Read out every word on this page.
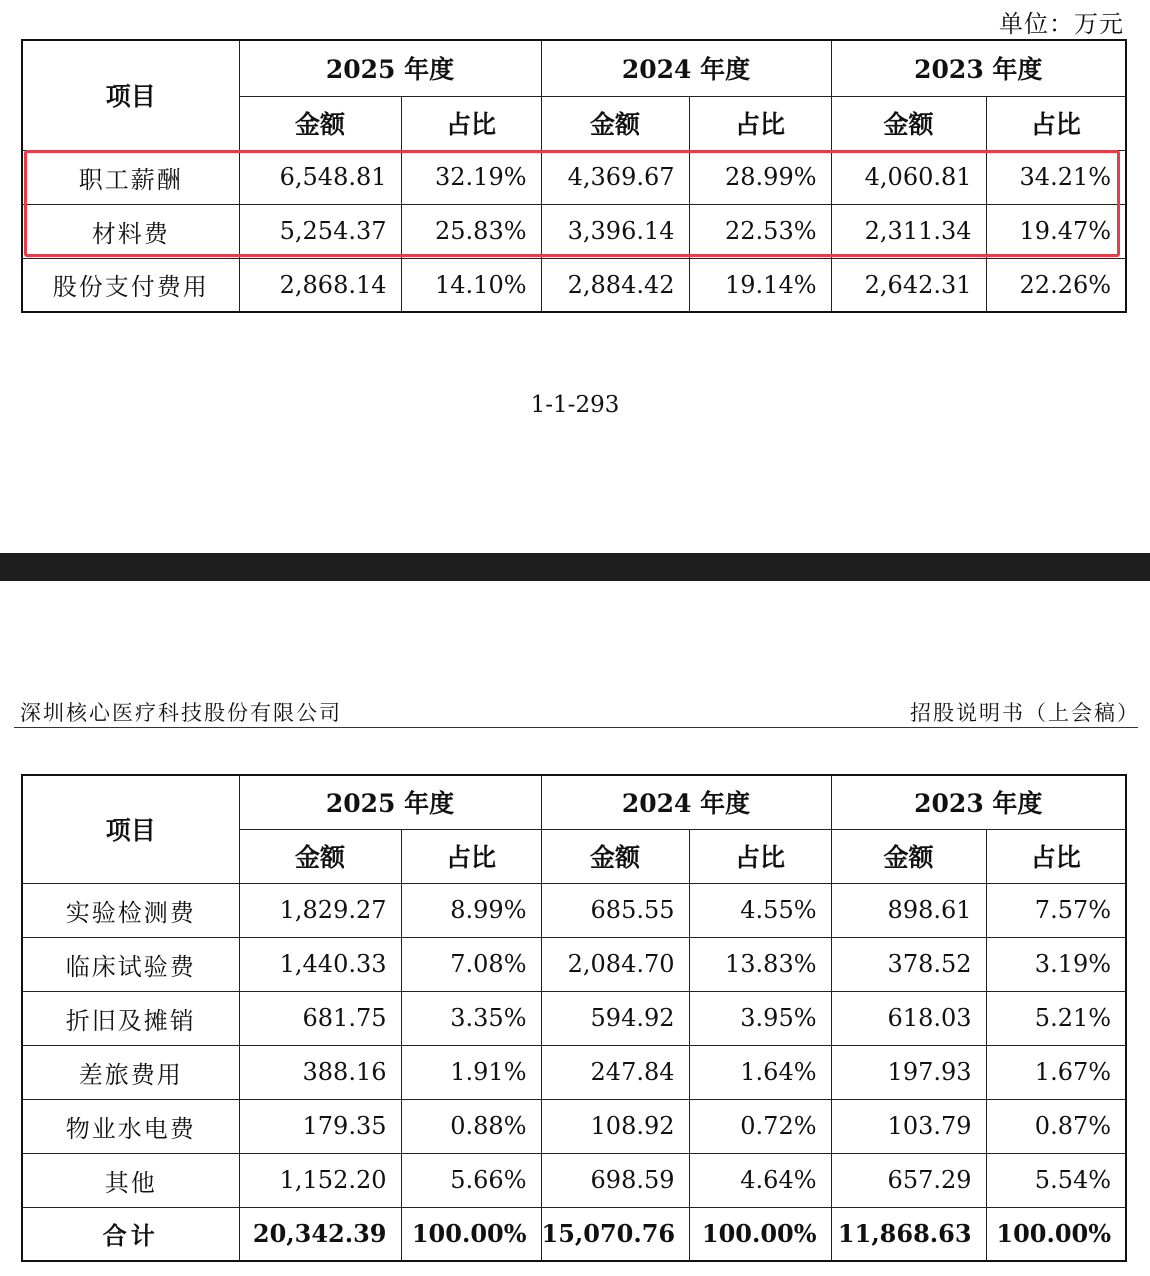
单位：万元
项目	2025 年度		2024 年度		2023 年度	
	金额	占比	金额	占比	金额	占比
职工薪酬	6,548.81	32.19%	4,369.67	28.99%	4,060.81	34.21%
材料费	5,254.37	25.83%	3,396.14	22.53%	2,311.34	19.47%
股份支付费用	2,868.14	14.10%	2,884.42	19.14%	2,642.31	22.26%
1-1-293
深圳核心医疗科技股份有限公司	招股说明书（上会稿）
项目	2025 年度		2024 年度		2023 年度	
	金额	占比	金额	占比	金额	占比
实验检测费	1,829.27	8.99%	685.55	4.55%	898.61	7.57%
临床试验费	1,440.33	7.08%	2,084.70	13.83%	378.52	3.19%
折旧及摊销	681.75	3.35%	594.92	3.95%	618.03	5.21%
差旅费用	388.16	1.91%	247.84	1.64%	197.93	1.67%
物业水电费	179.35	0.88%	108.92	0.72%	103.79	0.87%
其他	1,152.20	5.66%	698.59	4.64%	657.29	5.54%
合计	20,342.39	100.00%	15,070.76	100.00%	11,868.63	100.00%
